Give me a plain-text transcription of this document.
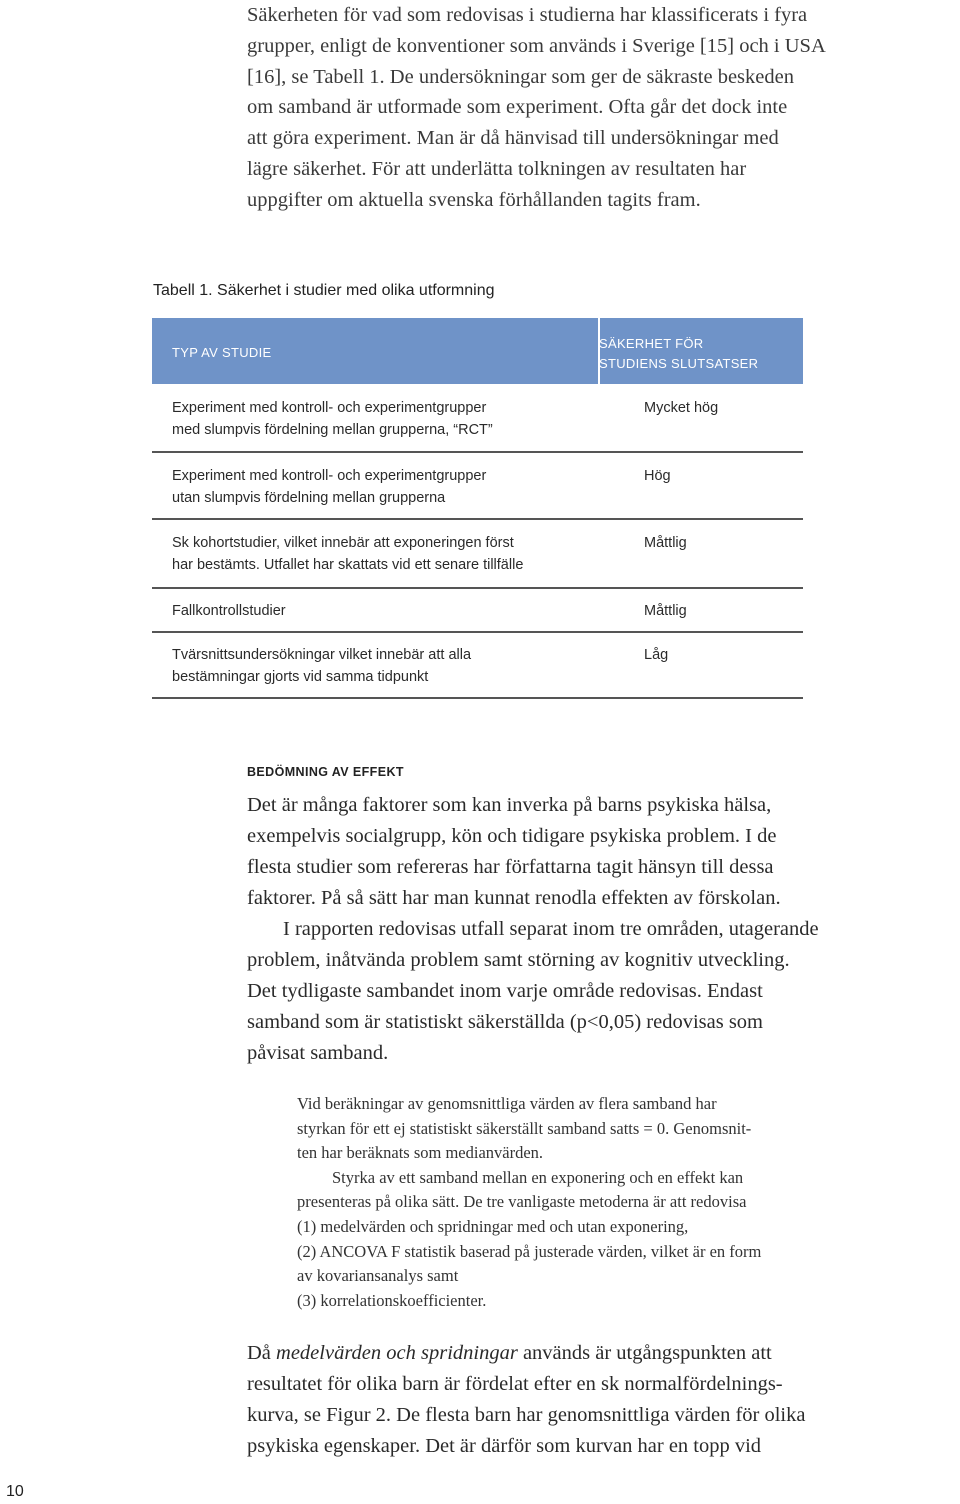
Säkerheten för vad som redovisas i studierna har klassificerats i fyra
grupper, enligt de konventioner som används i Sverige [15] och i USA
[16], se Tabell 1. De undersökningar som ger de säkraste beskeden
om samband är utformade som experiment. Ofta går det dock inte
att göra experiment. Man är då hänvisad till undersökningar med
lägre säkerhet. För att underlätta tolkningen av resultaten har
uppgifter om aktuella svenska förhållanden tagits fram.

Tabell 1. Säkerhet i studier med olika utformning

TYP AV STUDIE
SÄKERHET FÖR
STUDIENS SLUTSATSER
Experiment med kontroll- och experimentgrupper
med slumpvis fördelning mellan grupperna, “RCT”
Mycket hög
Experiment med kontroll- och experimentgrupper
utan slumpvis fördelning mellan grupperna
Hög
Sk kohortstudier, vilket innebär att exponeringen först
har bestämts. Utfallet har skattats vid ett senare tillfälle
Måttlig
Fallkontrollstudier	Måttlig
Tvärsnittsundersökningar vilket innebär att alla
bestämningar gjorts vid samma tidpunkt
Låg

BEDÖMNING AV EFFEKT

Det är många faktorer som kan inverka på barns psykiska hälsa,
exempelvis socialgrupp, kön och tidigare psykiska problem. I de
flesta studier som refereras har författarna tagit hänsyn till dessa
faktorer. På så sätt har man kunnat renodla effekten av förskolan.

I rapporten redovisas utfall separat inom tre områden, utagerande
problem, inåtvända problem samt störning av kognitiv utveckling.
Det tydligaste sambandet inom varje område redovisas. Endast
samband som är statistiskt säkerställda (p<0,05) redovisas som
påvisat samband.

Vid beräkningar av genomsnittliga värden av flera samband har
styrkan för ett ej statistiskt säkerställt samband satts = 0. Genomsnit-
ten har beräknats som medianvärden.

Styrka av ett samband mellan en exponering och en effekt kan
presenteras på olika sätt. De tre vanligaste metoderna är att redovisa
(1) medelvärden och spridningar med och utan exponering,
(2) ANCOVA F statistik baserad på justerade värden, vilket är en form
av kovariansanalys samt
(3) korrelationskoefficienter.

Då medelvärden och spridningar används är utgångspunkten att
resultatet för olika barn är fördelat efter en sk normalfördelnings-
kurva, se Figur 2. De flesta barn har genomsnittliga värden för olika
psykiska egenskaper. Det är därför som kurvan har en topp vid

10
